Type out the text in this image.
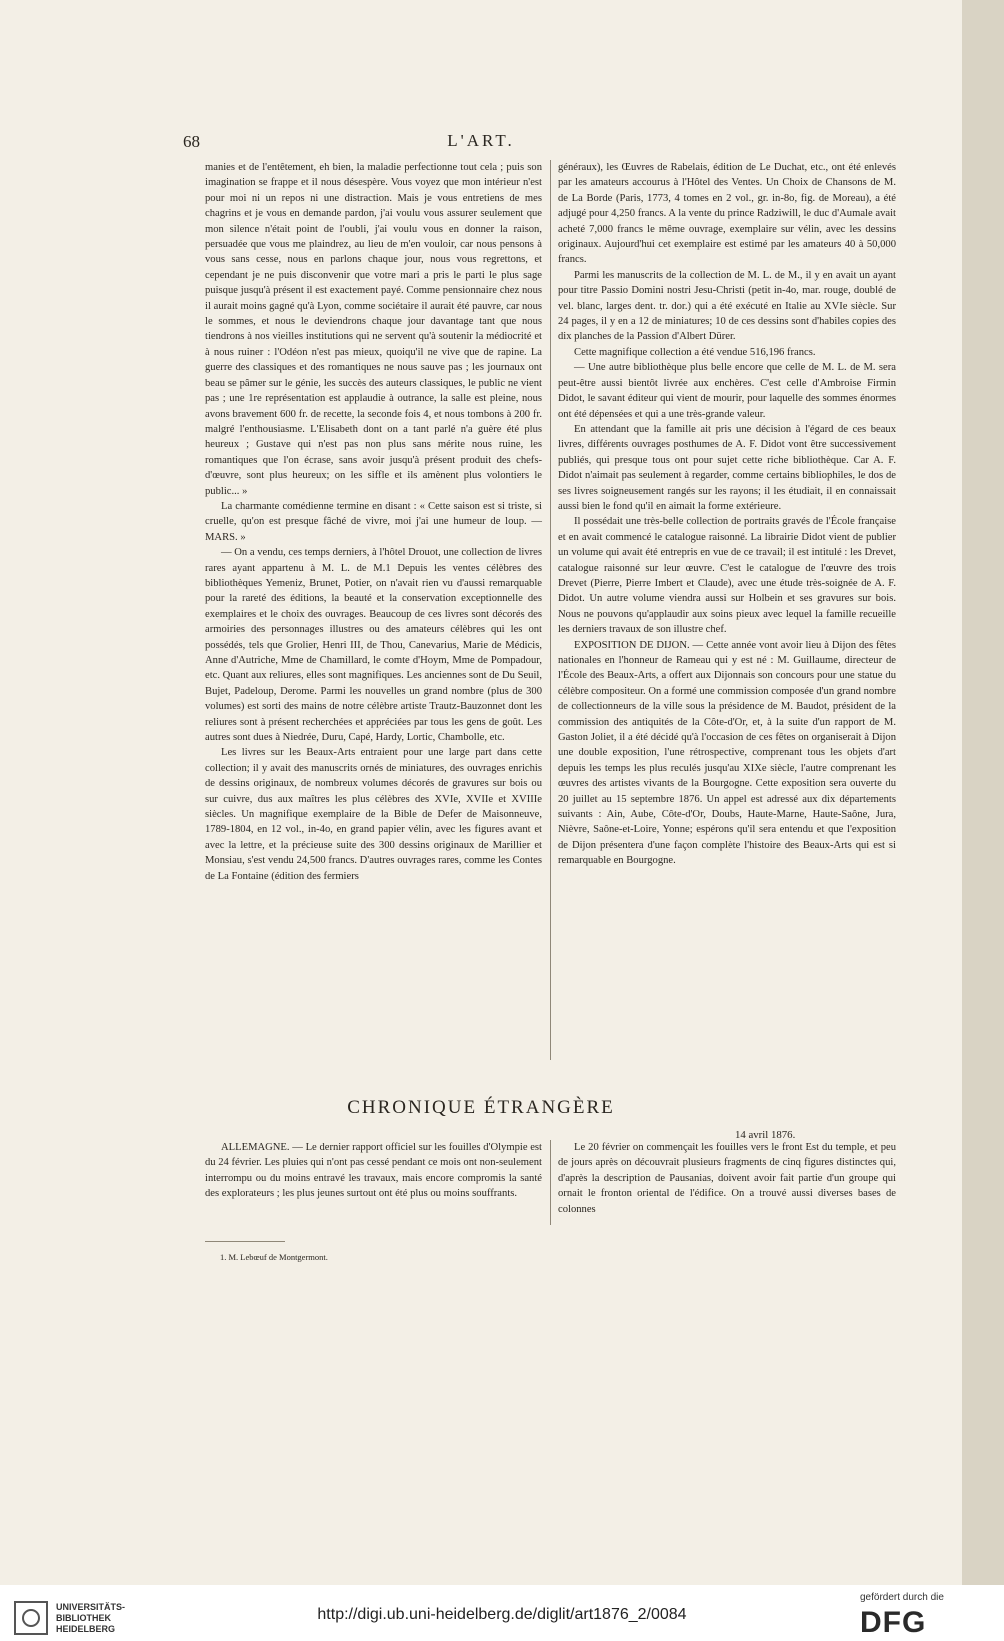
68	L'ART.

manies et de l'entêtement, eh bien, la maladie perfectionne tout cela ; puis son imagination se frappe et il nous désespère. Vous voyez que mon intérieur n'est pour moi ni un repos ni une distraction. Mais je vous entretiens de mes chagrins et je vous en demande pardon, j'ai voulu vous assurer seulement que mon silence n'était point de l'oubli, j'ai voulu vous en donner la raison, persuadée que vous me plaindrez, au lieu de m'en vouloir, car nous pensons à vous sans cesse, nous en parlons chaque jour, nous vous regrettons, et cependant je ne puis disconvenir que votre mari a pris le parti le plus sage puisque jusqu'à présent il est exactement payé. Comme pensionnaire chez nous il aurait moins gagné qu'à Lyon, comme sociétaire il aurait été pauvre, car nous le sommes, et nous le deviendrons chaque jour davantage tant que nous tiendrons à nos vieilles institutions qui ne servent qu'à soutenir la médiocrité et à nous ruiner : l'Odéon n'est pas mieux, quoiqu'il ne vive que de rapine. La guerre des classiques et des romantiques ne nous sauve pas ; les journaux ont beau se pâmer sur le génie, les succès des auteurs classiques, le public ne vient pas ; une 1re représentation est applaudie à outrance, la salle est pleine, nous avons bravement 600 fr. de recette, la seconde fois 4, et nous tombons à 200 fr. malgré l'enthousiasme. L'Elisabeth dont on a tant parlé n'a guère été plus heureux ; Gustave qui n'est pas non plus sans mérite nous ruine, les romantiques que l'on écrase, sans avoir jusqu'à présent produit des chefs-d'œuvre, sont plus heureux; on les siffle et ils amènent plus volontiers le public... »

La charmante comédienne termine en disant : « Cette saison est si triste, si cruelle, qu'on est presque fâché de vivre, moi j'ai une humeur de loup. — MARS. »

— On a vendu, ces temps derniers, à l'hôtel Drouot, une collection de livres rares ayant appartenu à M. L. de M.1 Depuis les ventes célèbres des bibliothèques Yemeniz, Brunet, Potier, on n'avait rien vu d'aussi remarquable pour la rareté des éditions, la beauté et la conservation exceptionnelle des exemplaires et le choix des ouvrages. Beaucoup de ces livres sont décorés des armoiries des personnages illustres ou des amateurs célèbres qui les ont possédés, tels que Grolier, Henri III, de Thou, Canevarius, Marie de Médicis, Anne d'Autriche, Mme de Chamillard, le comte d'Hoym, Mme de Pompadour, etc. Quant aux reliures, elles sont magnifiques. Les anciennes sont de Du Seuil, Bujet, Padeloup, Derome. Parmi les nouvelles un grand nombre (plus de 300 volumes) est sorti des mains de notre célèbre artiste Trautz-Bauzonnet dont les reliures sont à présent recherchées et appréciées par tous les gens de goût. Les autres sont dues à Niedrée, Duru, Capé, Hardy, Lortic, Chambolle, etc.

Les livres sur les Beaux-Arts entraient pour une large part dans cette collection; il y avait des manuscrits ornés de miniatures, des ouvrages enrichis de dessins originaux, de nombreux volumes décorés de gravures sur bois ou sur cuivre, dus aux maîtres les plus célèbres des XVIe, XVIIe et XVIIIe siècles. Un magnifique exemplaire de la Bible de Defer de Maisonneuve, 1789-1804, en 12 vol., in-4o, en grand papier vélin, avec les figures avant et avec la lettre, et la précieuse suite des 300 dessins originaux de Marillier et Monsiau, s'est vendu 24,500 francs. D'autres ouvrages rares, comme les Contes de La Fontaine (édition des fermiers

généraux), les Œuvres de Rabelais, édition de Le Duchat, etc., ont été enlevés par les amateurs accourus à l'Hôtel des Ventes. Un Choix de Chansons de M. de La Borde (Paris, 1773, 4 tomes en 2 vol., gr. in-8o, fig. de Moreau), a été adjugé pour 4,250 francs. A la vente du prince Radziwill, le duc d'Aumale avait acheté 7,000 francs le même ouvrage, exemplaire sur vélin, avec les dessins originaux. Aujourd'hui cet exemplaire est estimé par les amateurs 40 à 50,000 francs.

Parmi les manuscrits de la collection de M. L. de M., il y en avait un ayant pour titre Passio Domini nostri Jesu-Christi (petit in-4o, mar. rouge, doublé de vel. blanc, larges dent. tr. dor.) qui a été exécuté en Italie au XVIe siècle. Sur 24 pages, il y en a 12 de miniatures; 10 de ces dessins sont d'habiles copies des dix planches de la Passion d'Albert Dürer.

Cette magnifique collection a été vendue 516,196 francs.

— Une autre bibliothèque plus belle encore que celle de M. L. de M. sera peut-être aussi bientôt livrée aux enchères. C'est celle d'Ambroise Firmin Didot, le savant éditeur qui vient de mourir, pour laquelle des sommes énormes ont été dépensées et qui a une très-grande valeur.

En attendant que la famille ait pris une décision à l'égard de ces beaux livres, différents ouvrages posthumes de A. F. Didot vont être successivement publiés, qui presque tous ont pour sujet cette riche bibliothèque. Car A. F. Didot n'aimait pas seulement à regarder, comme certains bibliophiles, le dos de ses livres soigneusement rangés sur les rayons; il les étudiait, il en connaissait aussi bien le fond qu'il en aimait la forme extérieure.

Il possédait une très-belle collection de portraits gravés de l'École française et en avait commencé le catalogue raisonné. La librairie Didot vient de publier un volume qui avait été entrepris en vue de ce travail; il est intitulé : les Drevet, catalogue raisonné sur leur œuvre. C'est le catalogue de l'œuvre des trois Drevet (Pierre, Pierre Imbert et Claude), avec une étude très-soignée de A. F. Didot. Un autre volume viendra aussi sur Holbein et ses gravures sur bois. Nous ne pouvons qu'applaudir aux soins pieux avec lequel la famille recueille les derniers travaux de son illustre chef.

EXPOSITION DE DIJON. — Cette année vont avoir lieu à Dijon des fêtes nationales en l'honneur de Rameau qui y est né : M. Guillaume, directeur de l'École des Beaux-Arts, a offert aux Dijonnais son concours pour une statue du célèbre compositeur. On a formé une commission composée d'un grand nombre de collectionneurs de la ville sous la présidence de M. Baudot, président de la commission des antiquités de la Côte-d'Or, et, à la suite d'un rapport de M. Gaston Joliet, il a été décidé qu'à l'occasion de ces fêtes on organiserait à Dijon une double exposition, l'une rétrospective, comprenant tous les objets d'art depuis les temps les plus reculés jusqu'au XIXe siècle, l'autre comprenant les œuvres des artistes vivants de la Bourgogne. Cette exposition sera ouverte du 20 juillet au 15 septembre 1876. Un appel est adressé aux dix départements suivants : Ain, Aube, Côte-d'Or, Doubs, Haute-Marne, Haute-Saône, Jura, Nièvre, Saône-et-Loire, Yonne; espérons qu'il sera entendu et que l'exposition de Dijon présentera d'une façon complète l'histoire des Beaux-Arts qui est si remarquable en Bourgogne.

CHRONIQUE ÉTRANGÈRE
14 avril 1876.

ALLEMAGNE. — Le dernier rapport officiel sur les fouilles d'Olympie est du 24 février. Les pluies qui n'ont pas cessé pendant ce mois ont non-seulement interrompu ou du moins entravé les travaux, mais encore compromis la santé des explorateurs ; les plus jeunes surtout ont été plus ou moins souffrants.

Le 20 février on commençait les fouilles vers le front Est du temple, et peu de jours après on découvrait plusieurs fragments de cinq figures distinctes qui, d'après la description de Pausanias, doivent avoir fait partie d'un groupe qui ornait le fronton oriental de l'édifice. On a trouvé aussi diverses bases de colonnes

1. M. Lebœuf de Montgermont.
UNIVERSITÄTS-
BIBLIOTHEK
HEIDELBERG
http://digi.ub.uni-heidelberg.de/diglit/art1876_2/0084
gefördert durch die
DFG
